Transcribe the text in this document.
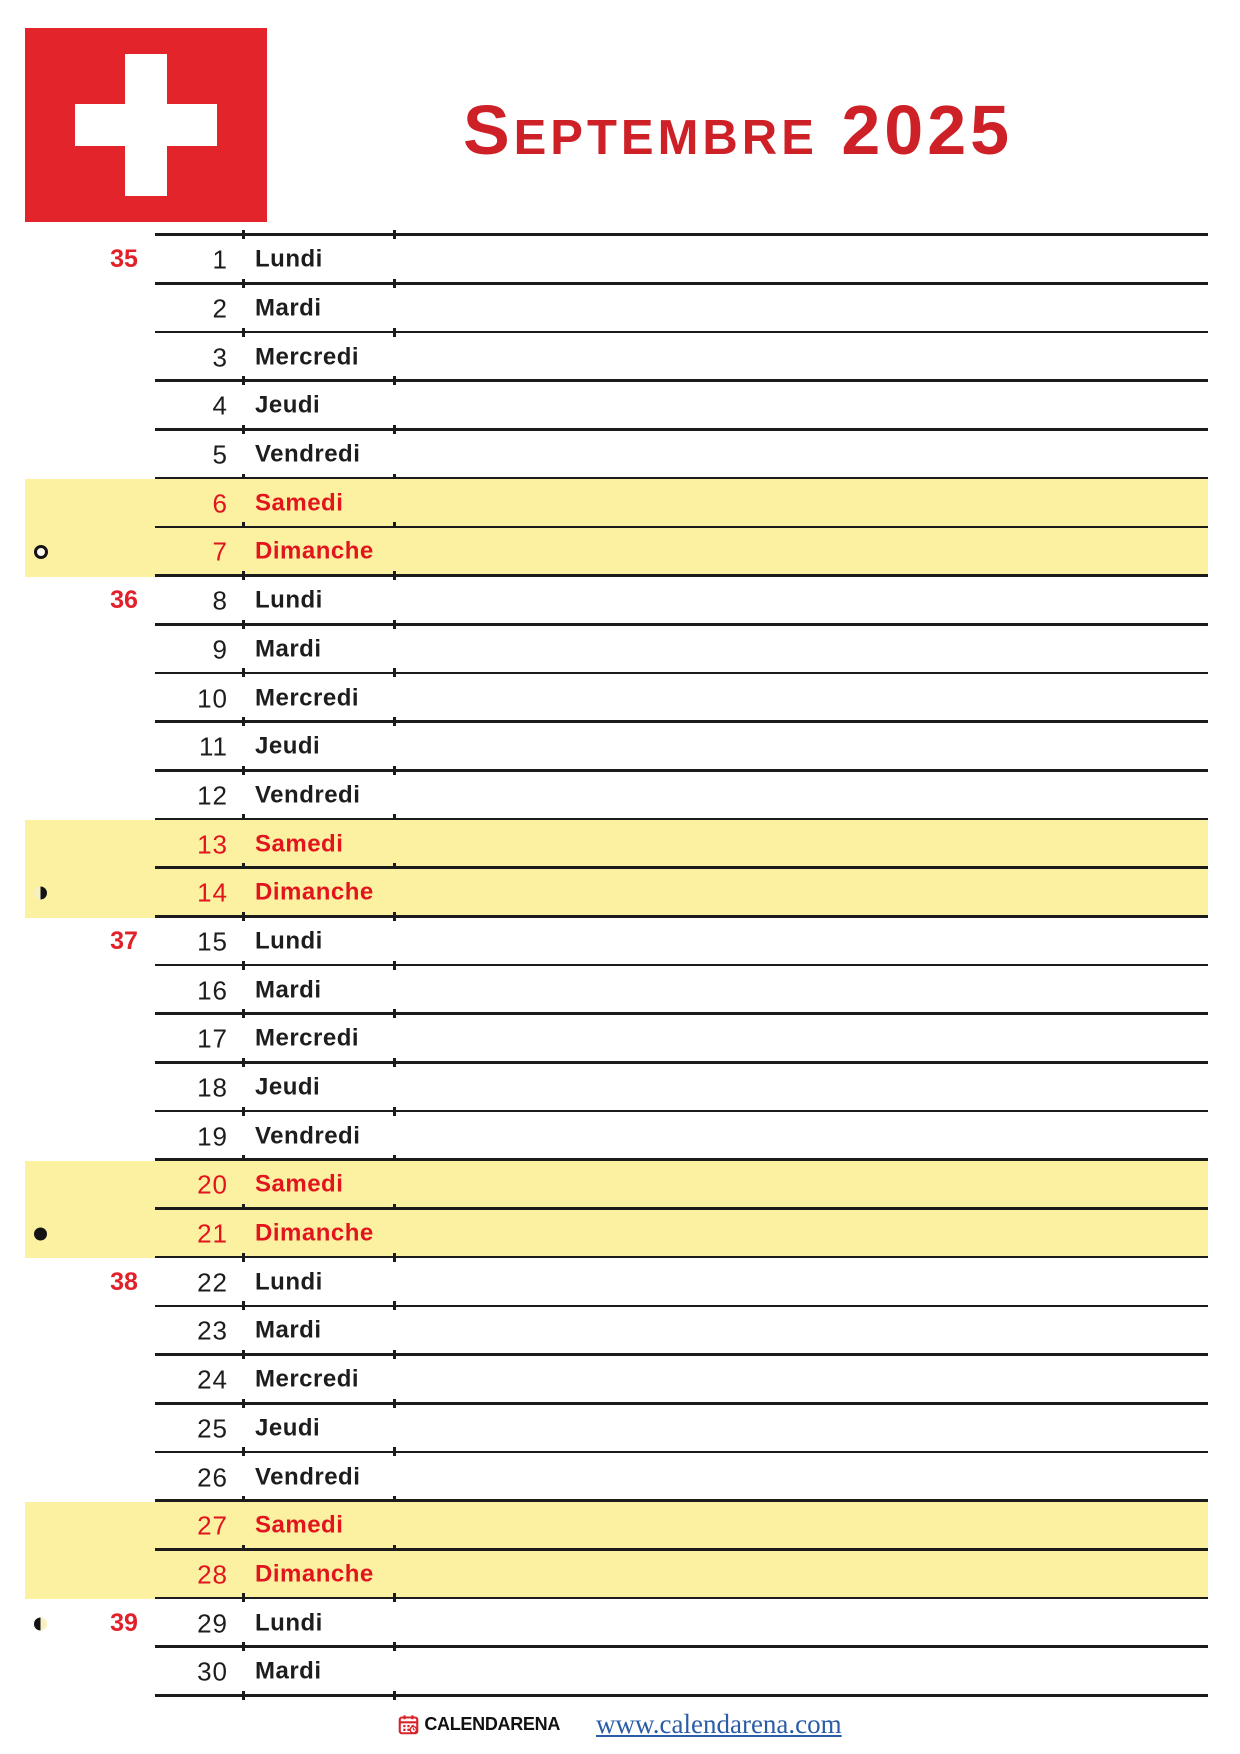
Septembre 2025
35	1 Lundi
2 Mardi
3 Mercredi
4 Jeudi
5 Vendredi
6 Samedi
7 Dimanche
36	8 Lundi
9 Mardi
10 Mercredi
11 Jeudi
12 Vendredi
13 Samedi
14 Dimanche
37	15 Lundi
16 Mardi
17 Mercredi
18 Jeudi
19 Vendredi
20 Samedi
21 Dimanche
38	22 Lundi
23 Mardi
24 Mercredi
25 Jeudi
26 Vendredi
27 Samedi
28 Dimanche
39	29 Lundi
30 Mardi
CALENDARENA www.calendarena.com
